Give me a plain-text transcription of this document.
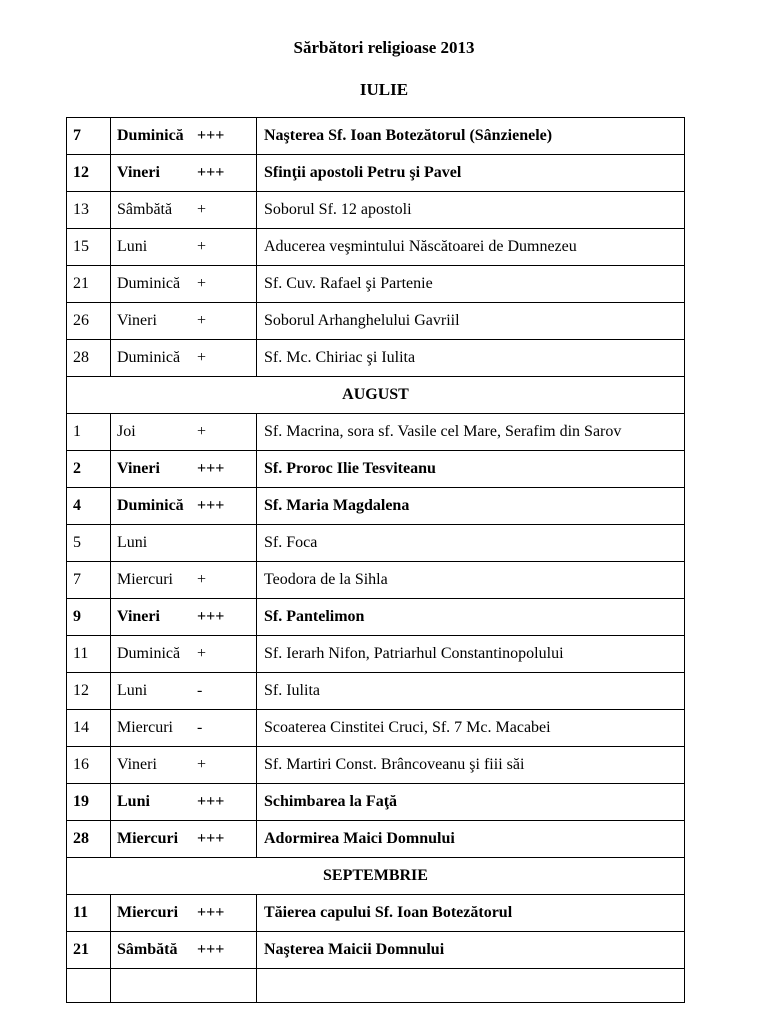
Sărbători religioase 2013
IULIE
7	Duminică +++	Naşterea Sf. Ioan Botezătorul (Sânzienele)
12	Vineri +++	Sfinţii apostoli Petru şi Pavel
13	Sâmbătă +	Soborul Sf. 12 apostoli
15	Luni +	Aducerea veşmintului Născătoarei de Dumnezeu
21	Duminică +	Sf. Cuv. Rafael şi Partenie
26	Vineri +	Soborul Arhanghelului Gavriil
28	Duminică +	Sf. Mc. Chiriac şi Iulita
AUGUST		
1	Joi +	Sf. Macrina, sora sf. Vasile cel Mare, Serafim din Sarov
2	Vineri +++	Sf. Proroc Ilie Tesviteanu
4	Duminică +++	Sf. Maria Magdalena
5	Luni	Sf. Foca
7	Miercuri +	Teodora de la Sihla
9	Vineri +++	Sf. Pantelimon
11	Duminică +	Sf. Ierarh Nifon, Patriarhul Constantinopolului
12	Luni -	Sf. Iulita
14	Miercuri -	Scoaterea Cinstitei Cruci, Sf. 7 Mc. Macabei
16	Vineri +	Sf. Martiri Const. Brâncoveanu şi fiii săi
19	Luni +++	Schimbarea la Faţă
28	Miercuri +++	Adormirea Maici Domnului
SEPTEMBRIE		
11	Miercuri +++	Tăierea capului Sf. Ioan Botezătorul
21	Sâmbătă +++	Naşterea Maicii Domnului
